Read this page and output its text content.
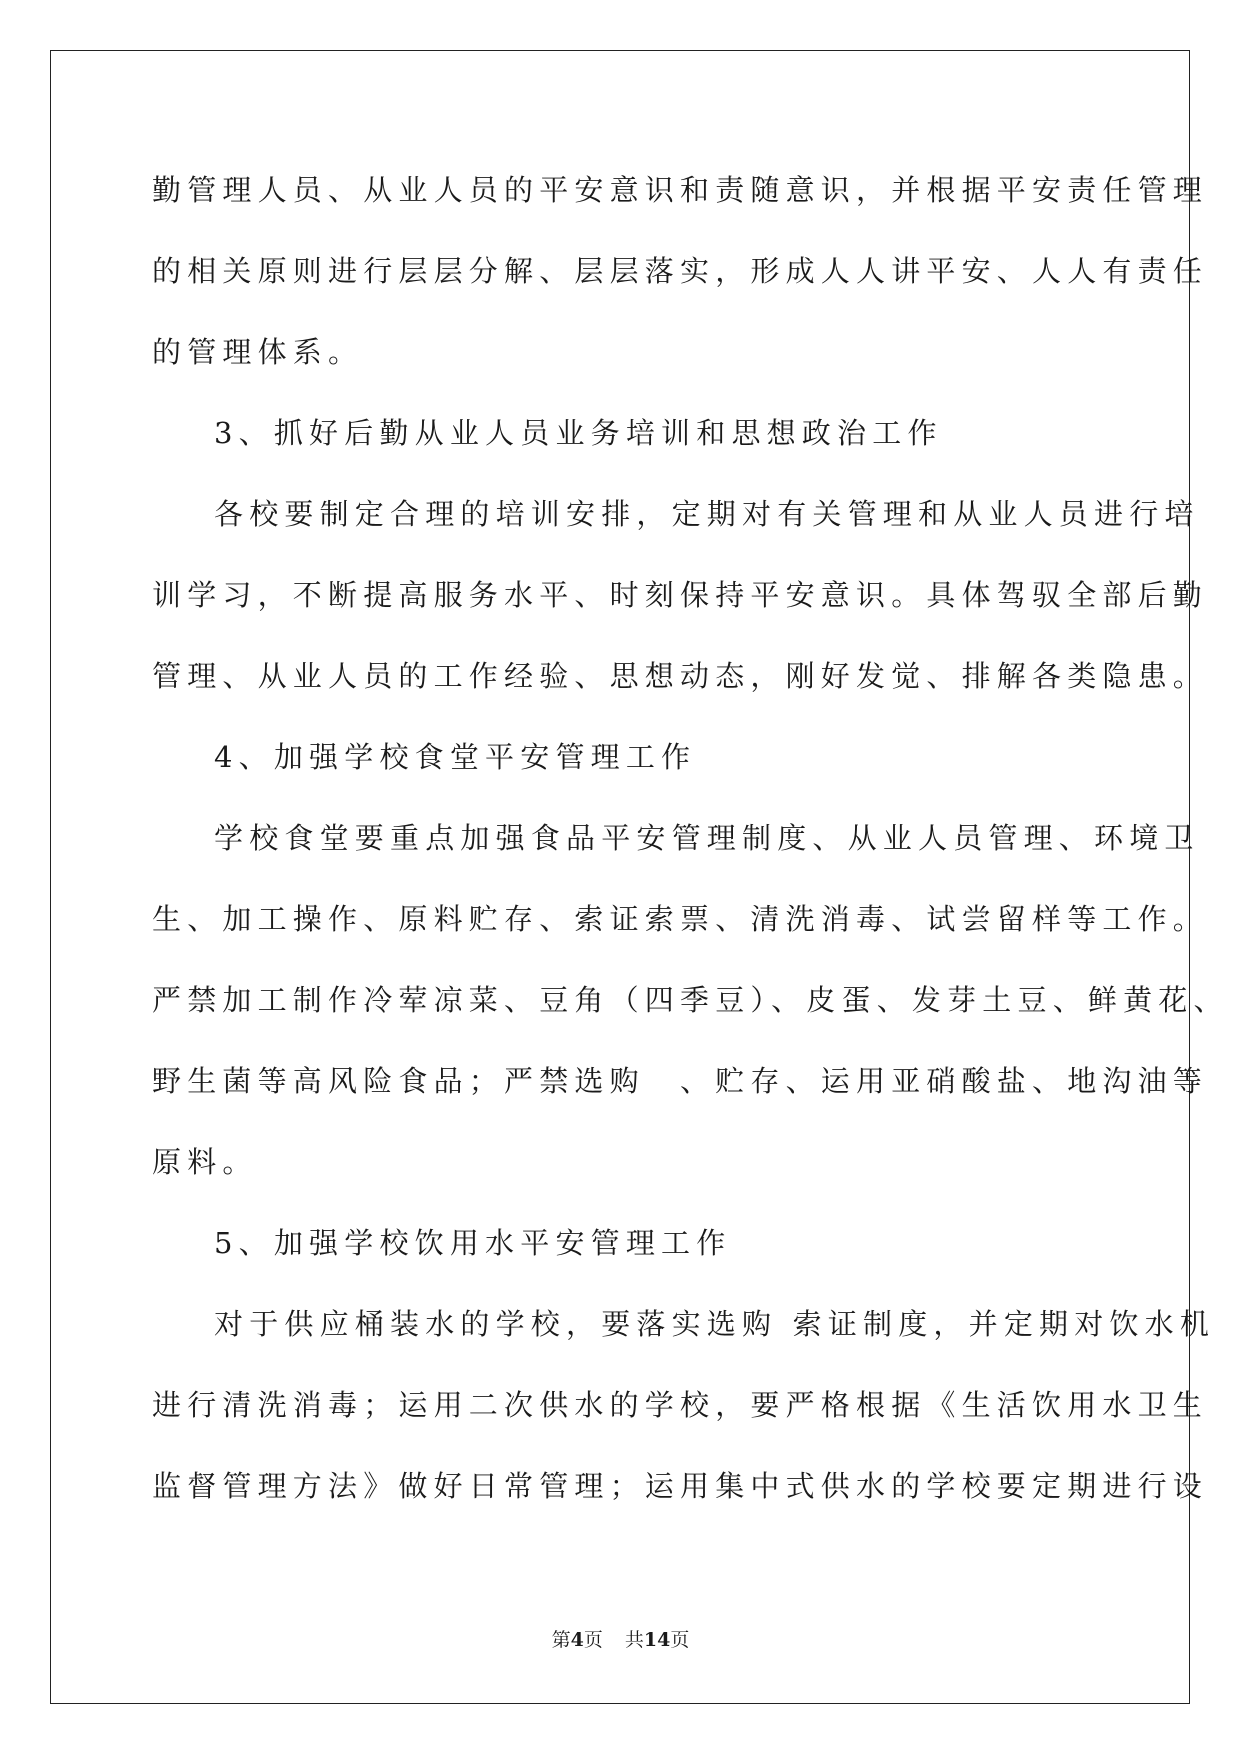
勤管理人员、从业人员的平安意识和责随意识，并根据平安责任管理
的相关原则进行层层分解、层层落实，形成人人讲平安、人人有责任
的管理体系。
3、抓好后勤从业人员业务培训和思想政治工作
各校要制定合理的培训安排，定期对有关管理和从业人员进行培
训学习，不断提高服务水平、时刻保持平安意识。具体驾驭全部后勤
管理、从业人员的工作经验、思想动态，刚好发觉、排解各类隐患。
4、加强学校食堂平安管理工作
学校食堂要重点加强食品平安管理制度、从业人员管理、环境卫
生、加工操作、原料贮存、索证索票、清洗消毒、试尝留样等工作。
严禁加工制作冷荤凉菜、豆角（四季豆）、皮蛋、发芽土豆、鲜黄花、
野生菌等高风险食品；严禁选购　、贮存、运用亚硝酸盐、地沟油等
原料。
5、加强学校饮用水平安管理工作
对于供应桶装水的学校，要落实选购 索证制度，并定期对饮水机
进行清洗消毒；运用二次供水的学校，要严格根据《生活饮用水卫生
监督管理方法》做好日常管理；运用集中式供水的学校要定期进行设
第4页 共14页
